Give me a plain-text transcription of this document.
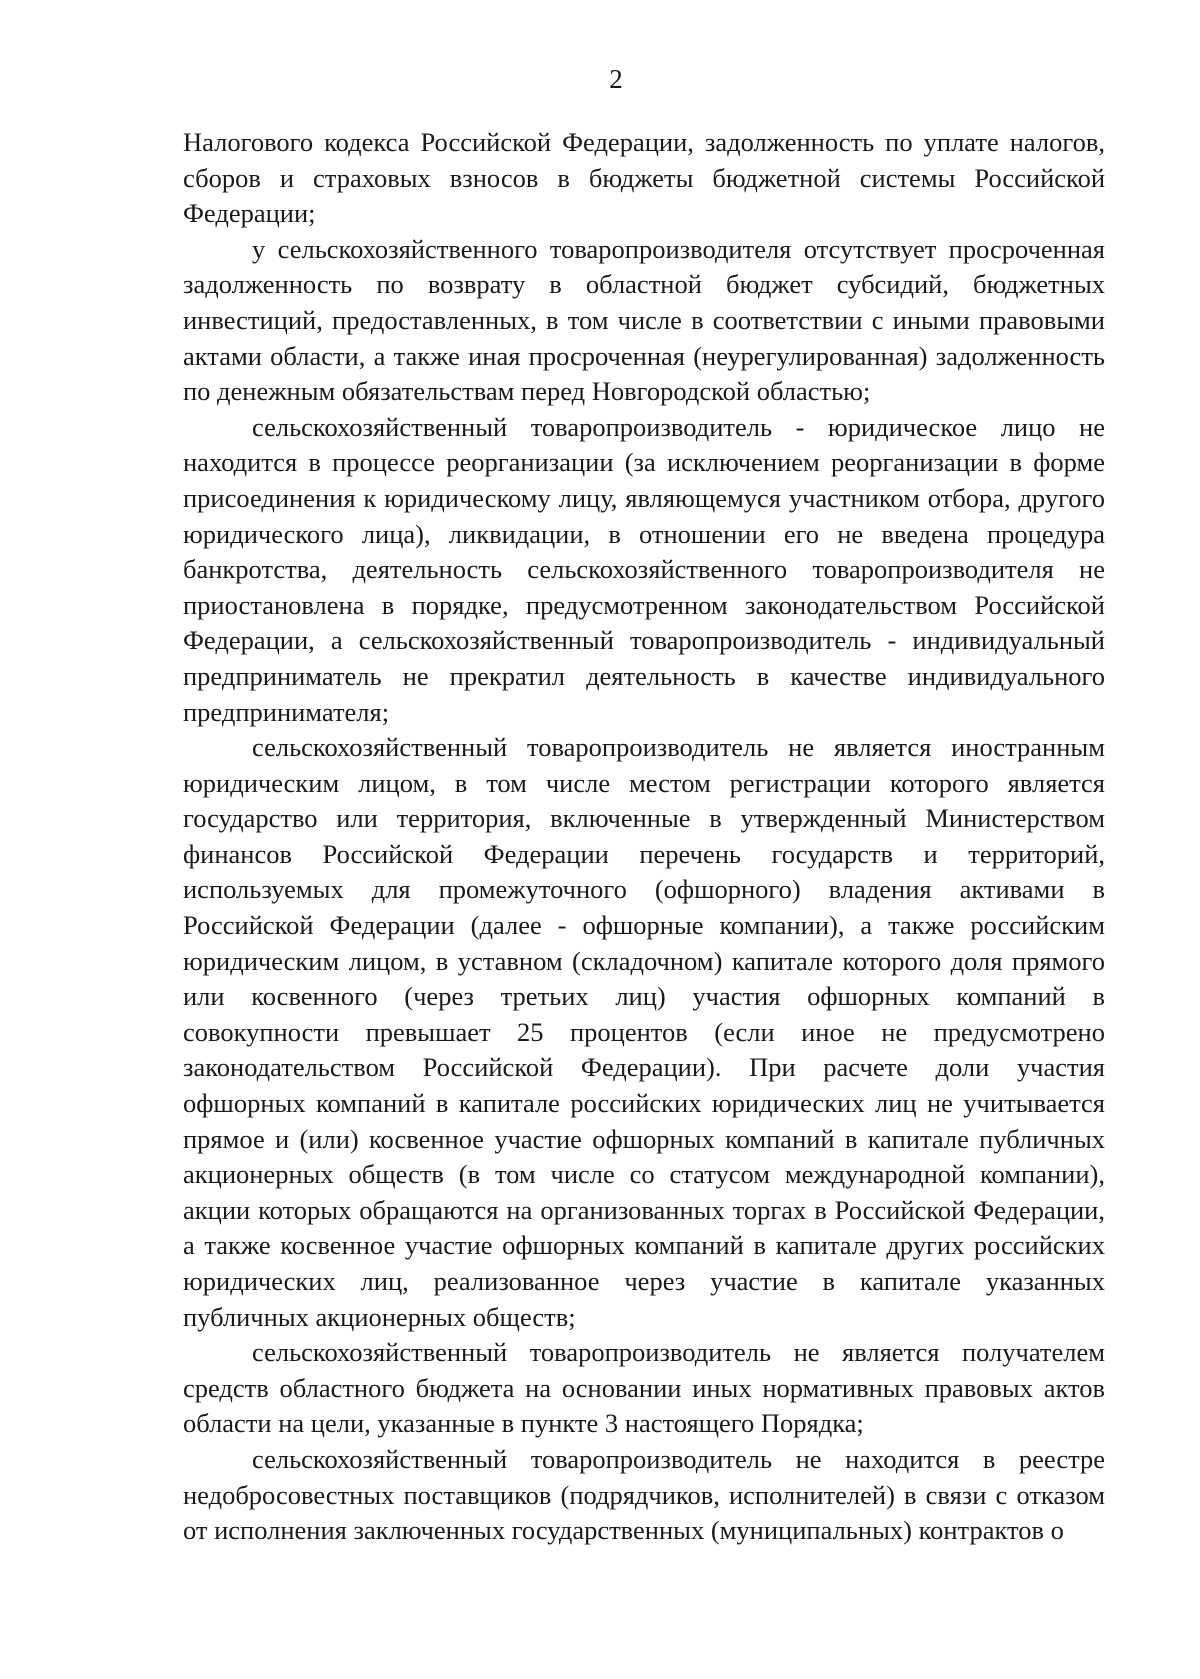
2

Налогового кодекса Российской Федерации, задолженность по уплате налогов, сборов и страховых взносов в бюджеты бюджетной системы Российской Федерации;

у сельскохозяйственного товаропроизводителя отсутствует просроченная задолженность по возврату в областной бюджет субсидий, бюджетных инвестиций, предоставленных, в том числе в соответствии с иными правовыми актами области, а также иная просроченная (неурегулированная) задолженность по денежным обязательствам перед Новгородской областью;

сельскохозяйственный товаропроизводитель - юридическое лицо не находится в процессе реорганизации (за исключением реорганизации в форме присоединения к юридическому лицу, являющемуся участником отбора, другого юридического лица), ликвидации, в отношении его не введена процедура банкротства, деятельность сельскохозяйственного товаропроизводителя не приостановлена в порядке, предусмотренном законодательством Российской Федерации, а сельскохозяйственный товаропроизводитель - индивидуальный предприниматель не прекратил деятельность в качестве индивидуального предпринимателя;

сельскохозяйственный товаропроизводитель не является иностранным юридическим лицом, в том числе местом регистрации которого является государство или территория, включенные в утвержденный Министерством финансов Российской Федерации перечень государств и территорий, используемых для промежуточного (офшорного) владения активами в Российской Федерации (далее - офшорные компании), а также российским юридическим лицом, в уставном (складочном) капитале которого доля прямого или косвенного (через третьих лиц) участия офшорных компаний в совокупности превышает 25 процентов (если иное не предусмотрено законодательством Российской Федерации). При расчете доли участия офшорных компаний в капитале российских юридических лиц не учитывается прямое и (или) косвенное участие офшорных компаний в капитале публичных акционерных обществ (в том числе со статусом международной компании), акции которых обращаются на организованных торгах в Российской Федерации, а также косвенное участие офшорных компаний в капитале других российских юридических лиц, реализованное через участие в капитале указанных публичных акционерных обществ;

сельскохозяйственный товаропроизводитель не является получателем средств областного бюджета на основании иных нормативных правовых актов области на цели, указанные в пункте 3 настоящего Порядка;

сельскохозяйственный товаропроизводитель не находится в реестре недобросовестных поставщиков (подрядчиков, исполнителей) в связи с отказом от исполнения заключенных государственных (муниципальных) контрактов о
